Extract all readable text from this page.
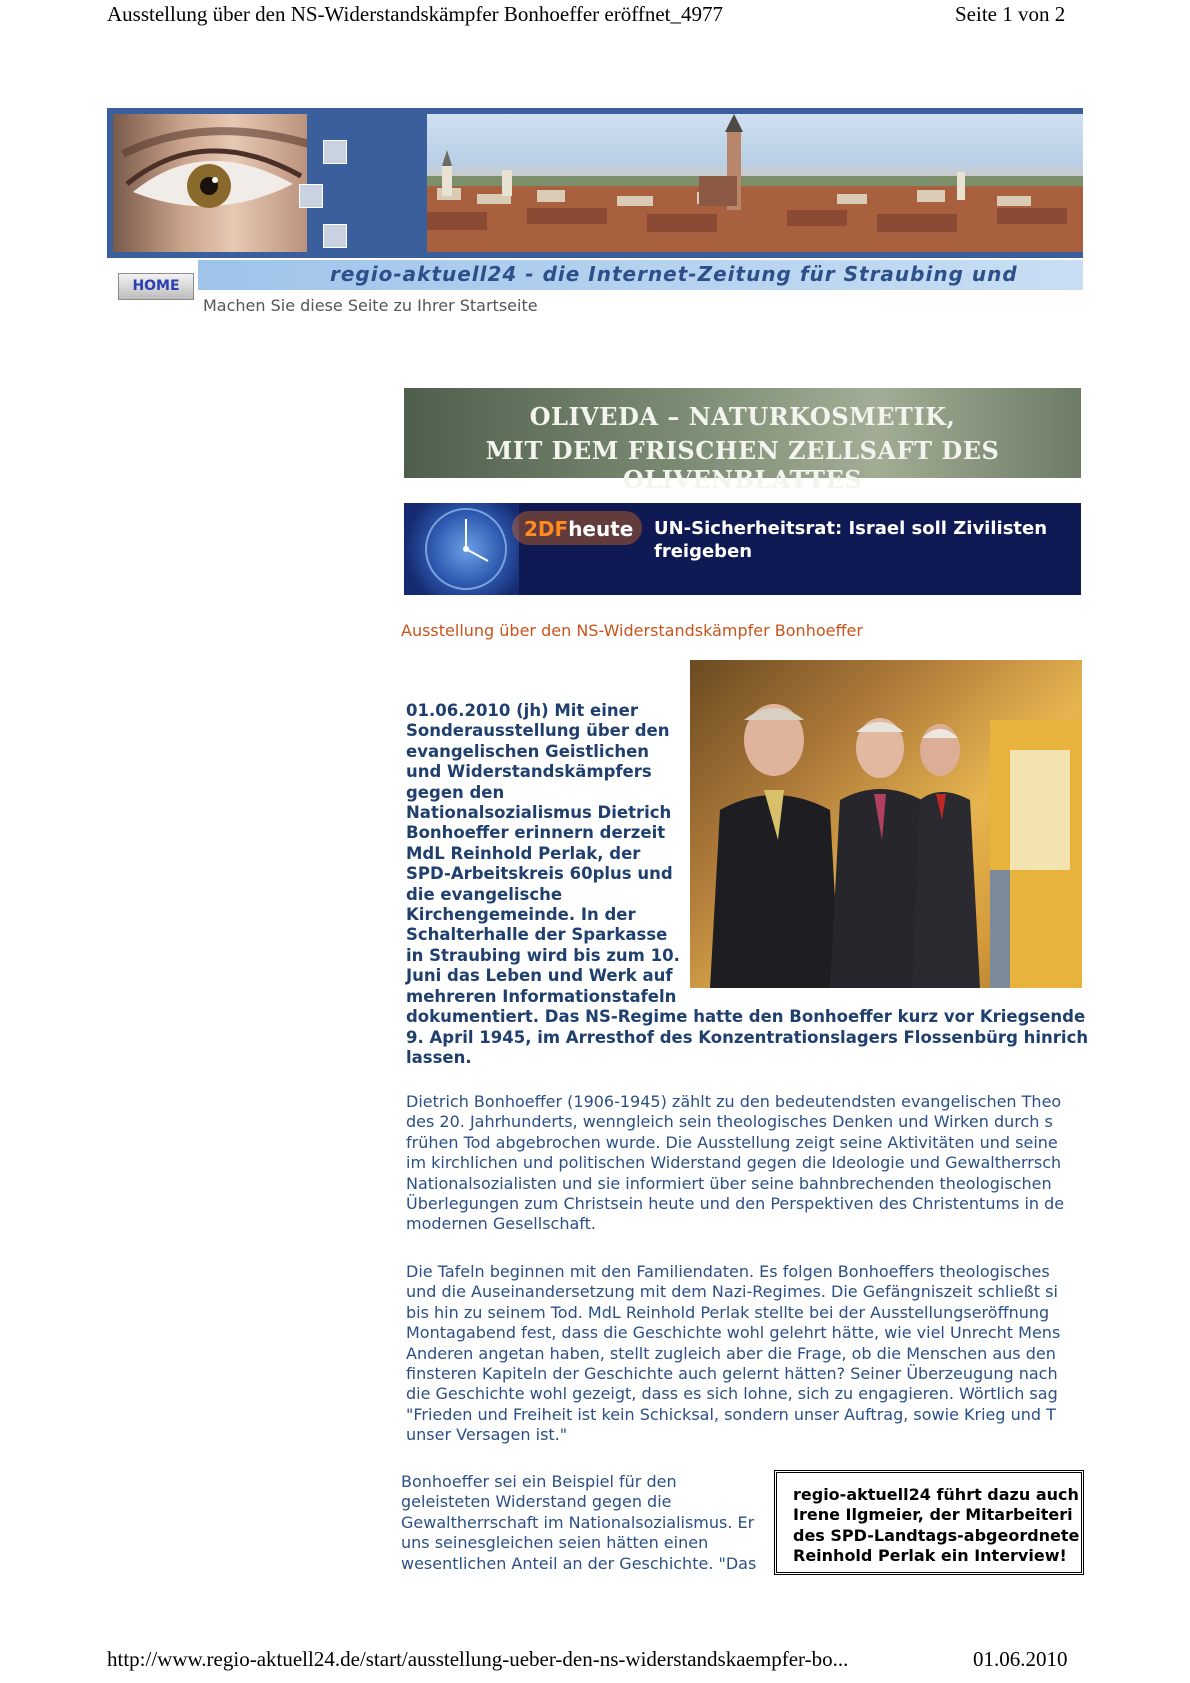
Ausstellung über den NS-Widerstandskämpfer Bonhoeffer eröffnet_4977	Seite 1 von 2
regio-aktuell24 - die Internet-Zeitung für Straubing und
HOME
Machen Sie diese Seite zu Ihrer Startseite
OLIVEDA – NATURKOSMETIK,
MIT DEM FRISCHEN ZELLSAFT DES OLIVENBLATTES
2DFheute UN-Sicherheitsrat: Israel soll Zivilisten freigeben
Ausstellung über den NS-Widerstandskämpfer Bonhoeffer
01.06.2010 (jh) Mit einer
Sonderausstellung über den
evangelischen Geistlichen
und Widerstandskämpfers
gegen den
Nationalsozialismus Dietrich
Bonhoeffer erinnern derzeit
MdL Reinhold Perlak, der
SPD-Arbeitskreis 60plus und
die evangelische
Kirchengemeinde. In der
Schalterhalle der Sparkasse
in Straubing wird bis zum 10.
Juni das Leben und Werk auf
mehreren Informationstafeln
dokumentiert. Das NS-Regime hatte den Bonhoeffer kurz vor Kriegsende
9. April 1945, im Arresthof des Konzentrationslagers Flossenbürg hinrich
lassen.
Dietrich Bonhoeffer (1906-1945) zählt zu den bedeutendsten evangelischen Theo
des 20. Jahrhunderts, wenngleich sein theologisches Denken und Wirken durch s
frühen Tod abgebrochen wurde. Die Ausstellung zeigt seine Aktivitäten und seine
im kirchlichen und politischen Widerstand gegen die Ideologie und Gewaltherrsch
Nationalsozialisten und sie informiert über seine bahnbrechenden theologischen
Überlegungen zum Christsein heute und den Perspektiven des Christentums in de
modernen Gesellschaft.
Die Tafeln beginnen mit den Familiendaten. Es folgen Bonhoeffers theologisches
und die Auseinandersetzung mit dem Nazi-Regimes. Die Gefängniszeit schließt si
bis hin zu seinem Tod. MdL Reinhold Perlak stellte bei der Ausstellungseröffnung
Montagabend fest, dass die Geschichte wohl gelehrt hätte, wie viel Unrecht Mens
Anderen angetan haben, stellt zugleich aber die Frage, ob die Menschen aus den
finsteren Kapiteln der Geschichte auch gelernt hätten? Seiner Überzeugung nach
die Geschichte wohl gezeigt, dass es sich lohne, sich zu engagieren. Wörtlich sag
"Frieden und Freiheit ist kein Schicksal, sondern unser Auftrag, sowie Krieg und T
unser Versagen ist."
Bonhoeffer sei ein Beispiel für den
geleisteten Widerstand gegen die
Gewaltherrschaft im Nationalsozialismus. Er
uns seinesgleichen seien hätten einen
wesentlichen Anteil an der Geschichte. "Das
regio-aktuell24 führt dazu auch
Irene Ilgmeier, der Mitarbeiteri
des SPD-Landtags-abgeordnete
Reinhold Perlak ein Interview!
http://www.regio-aktuell24.de/start/ausstellung-ueber-den-ns-widerstandskaempfer-bo...	01.06.2010
